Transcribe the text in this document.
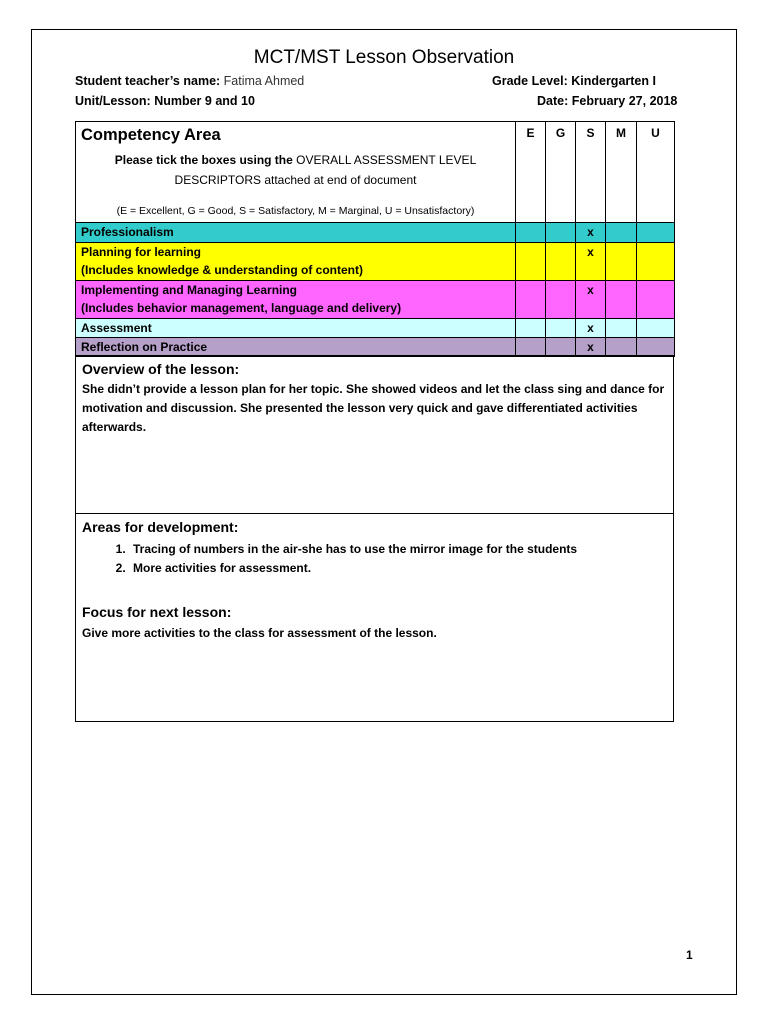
MCT/MST Lesson Observation
Student teacher’s name: Fatima Ahmed	Grade Level: Kindergarten I
Unit/Lesson: Number 9 and 10	Date: February 27, 2018
Competency Area
Please tick the boxes using the OVERALL ASSESSMENT LEVEL
DESCRIPTORS attached at end of document
(E = Excellent, G = Good, S = Satisfactory, M = Marginal, U = Unsatisfactory)	E	G	S	M	U
Professionalism			x		

Planning for learning
(Includes knowledge & understanding of content)			x		

Implementing and Managing Learning
(Includes behavior management, language and delivery)			x		
Assessment			x		
Reflection on Practice			x		
Overview of the lesson:
She didn’t provide a lesson plan for her topic. She showed videos and let the class sing and dance for motivation and discussion. She presented the lesson very quick and gave differentiated activities afterwards.
Areas for development:
1. Tracing of numbers in the air-she has to use the mirror image for the students
2. More activities for assessment.
Focus for next lesson:
Give more activities to the class for assessment of the lesson.
1
